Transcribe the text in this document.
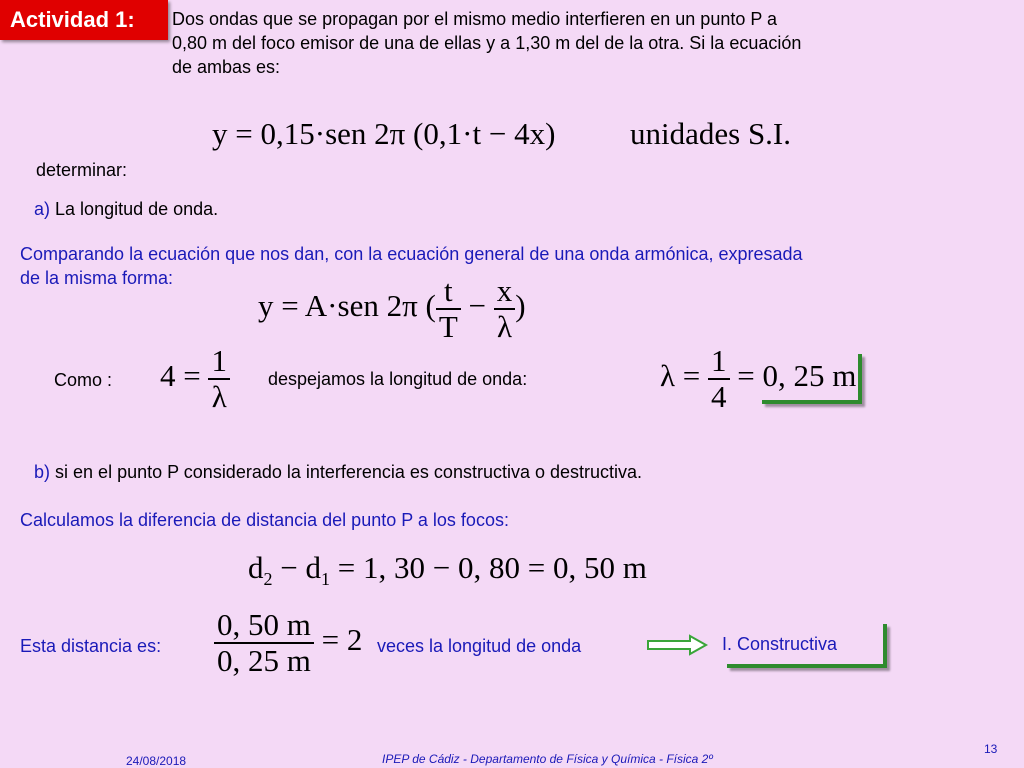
Actividad 1:	Dos ondas que se propagan por el mismo medio interfieren en un punto P a
0,80 m del foco emisor de una de ellas y a 1,30 m del de la otra. Si la ecuación
de ambas es:
y = 0,15·sen 2π (0,1·t − 4x) unidades S.I.
determinar:
a) La longitud de onda.
Comparando la ecuación que nos dan, con la ecuación general de una onda armónica, expresada
de la misma forma:
y = A·sen 2π ( $\frac{t}{T} - \frac{x}{\lambda}$ )
Como : $4 = \frac{1}{\lambda}$ despejamos la longitud de onda:	$\lambda = \frac{1}{4} = 0$, 25 m
b) si en el punto P considerado la interferencia es constructiva o destructiva.
Calculamos la diferencia de distancia del punto P a los focos:
$d_2 - d_1 = 1$, 30 − 0, 80 = 0, 50 m
Esta distancia es: $\frac{0, 50 m}{0, 25 m} = 2$ veces la longitud de onda	I. Constructiva
24/08/2018	IPEP de Cádiz - Departamento de Física y Química - Física 2º
13
